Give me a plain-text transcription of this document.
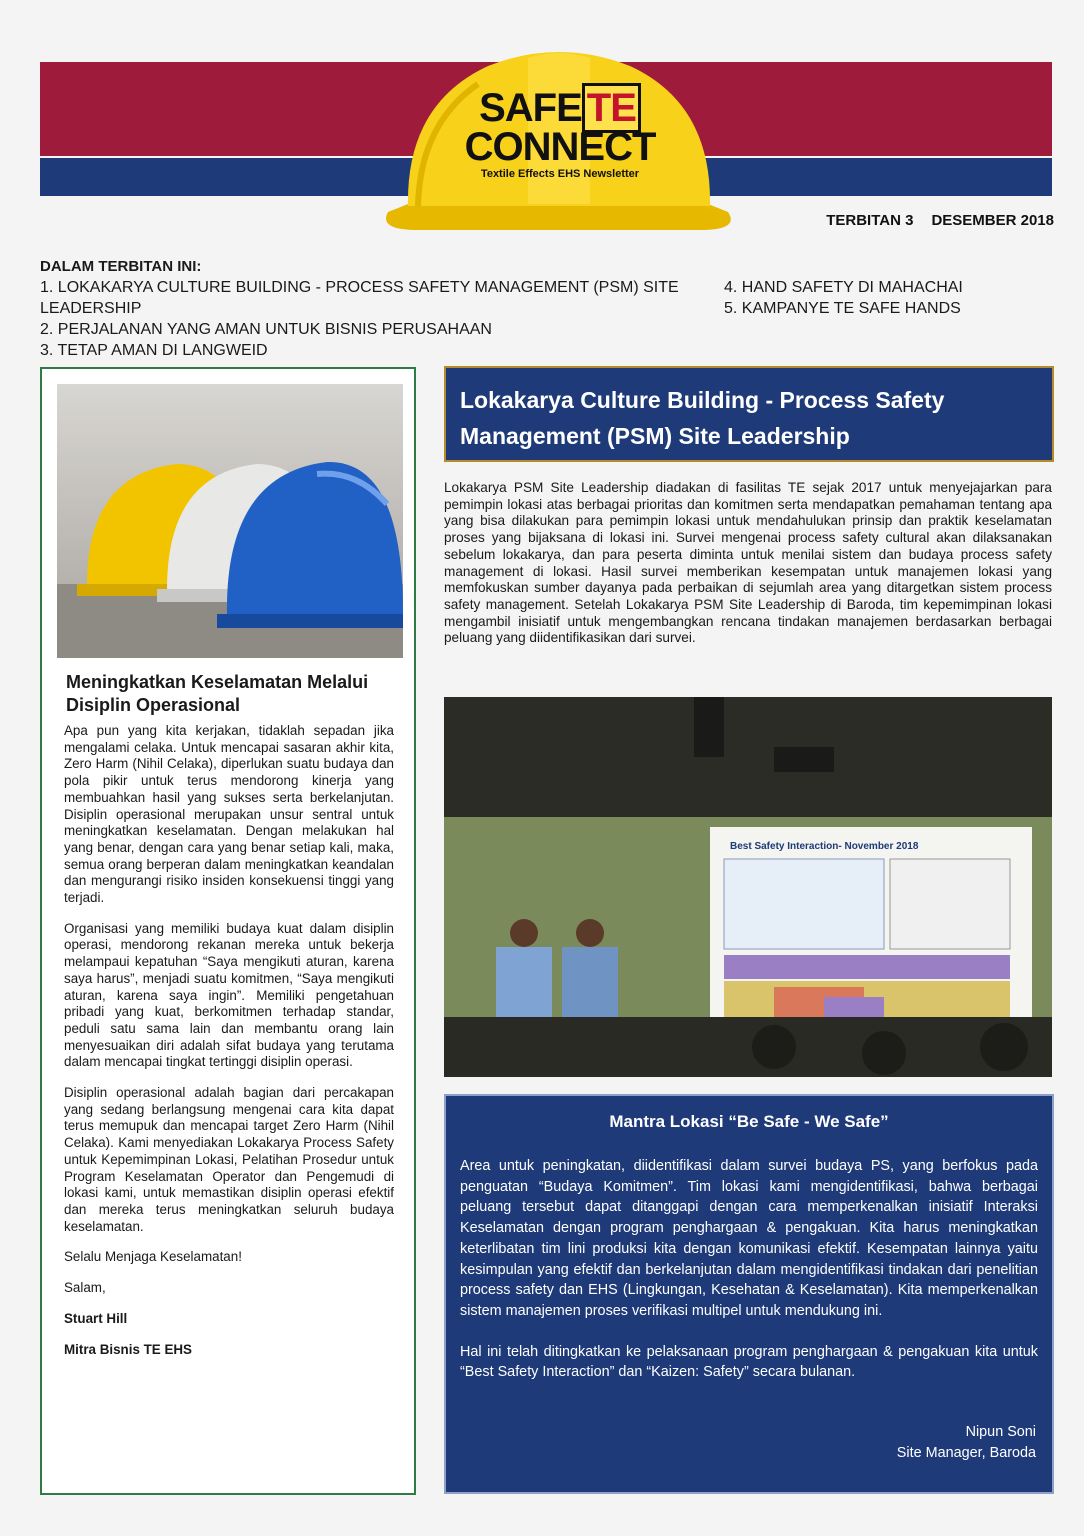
SAFE TE
CONNECT
Textile Effects EHS Newsletter
TERBITAN 3 DESEMBER 2018
DALAM TERBITAN INI:
1. LOKAKARYA CULTURE BUILDING - PROCESS SAFETY MANAGEMENT (PSM) SITE LEADERSHIP
2. PERJALANAN YANG AMAN UNTUK BISNIS PERUSAHAAN
3. TETAP AMAN DI LANGWEID
4. HAND SAFETY DI MAHACHAI
5. KAMPANYE TE SAFE HANDS
Meningkatkan Keselamatan Melalui Disiplin Operasional

Apa pun yang kita kerjakan, tidaklah sepadan jika mengalami celaka. Untuk mencapai sasaran akhir kita, Zero Harm (Nihil Celaka), diperlukan suatu budaya dan pola pikir untuk terus mendorong kinerja yang membuahkan hasil yang sukses serta berkelanjutan. Disiplin operasional merupakan unsur sentral untuk meningkatkan keselamatan. Dengan melakukan hal yang benar, dengan cara yang benar setiap kali, maka, semua orang berperan dalam meningkatkan keandalan dan mengurangi risiko insiden konsekuensi tinggi yang terjadi.

Organisasi yang memiliki budaya kuat dalam disiplin operasi, mendorong rekanan mereka untuk bekerja melampaui kepatuhan “Saya mengikuti aturan, karena saya harus”, menjadi suatu komitmen, “Saya mengikuti aturan, karena saya ingin”. Memiliki pengetahuan pribadi yang kuat, berkomitmen terhadap standar, peduli satu sama lain dan membantu orang lain menyesuaikan diri adalah sifat budaya yang terutama dalam mencapai tingkat tertinggi disiplin operasi.

Disiplin operasional adalah bagian dari percakapan yang sedang berlangsung mengenai cara kita dapat terus memupuk dan mencapai target Zero Harm (Nihil Celaka). Kami menyediakan Lokakarya Process Safety untuk Kepemimpinan Lokasi, Pelatihan Prosedur untuk Program Keselamatan Operator dan Pengemudi di lokasi kami, untuk memastikan disiplin operasi efektif dan mereka terus meningkatkan seluruh budaya keselamatan.

Selalu Menjaga Keselamatan!

Salam,

Stuart Hill

Mitra Bisnis TE EHS

Lokakarya Culture Building - Process Safety Management (PSM) Site Leadership
Lokakarya PSM Site Leadership diadakan di fasilitas TE sejak 2017 untuk menyejajarkan para pemimpin lokasi atas berbagai prioritas dan komitmen serta mendapatkan pemahaman tentang apa yang bisa dilakukan para pemimpin lokasi untuk mendahulukan prinsip dan praktik keselamatan proses yang bijaksana di lokasi ini. Survei mengenai process safety cultural akan dilaksanakan sebelum lokakarya, dan para peserta diminta untuk menilai sistem dan budaya process safety management di lokasi. Hasil survei memberikan kesempatan untuk manajemen lokasi yang memfokuskan sumber dayanya pada perbaikan di sejumlah area yang ditargetkan sistem process safety management. Setelah Lokakarya PSM Site Leadership di Baroda, tim kepemimpinan lokasi mengambil inisiatif untuk mengembangkan rencana tindakan manajemen berdasarkan berbagai peluang yang diidentifikasikan dari survei.
Best Safety Interaction- November 2018
Mantra Lokasi “Be Safe - We Safe”

Area untuk peningkatan, diidentifikasi dalam survei budaya PS, yang berfokus pada penguatan “Budaya Komitmen”. Tim lokasi kami mengidentifikasi, bahwa berbagai peluang tersebut dapat ditanggapi dengan cara memperkenalkan inisiatif Interaksi Keselamatan dengan program penghargaan & pengakuan. Kita harus meningkatkan keterlibatan tim lini produksi kita dengan komunikasi efektif. Kesempatan lainnya yaitu kesimpulan yang efektif dan berkelanjutan dalam mengidentifikasi tindakan dari penelitian process safety dan EHS (Lingkungan, Kesehatan & Keselamatan). Kita memperkenalkan sistem manajemen proses verifikasi multipel untuk mendukung ini.

Hal ini telah ditingkatkan ke pelaksanaan program penghargaan & pengakuan kita untuk “Best Safety Interaction” dan “Kaizen: Safety” secara bulanan.

Nipun Soni
Site Manager, Baroda
